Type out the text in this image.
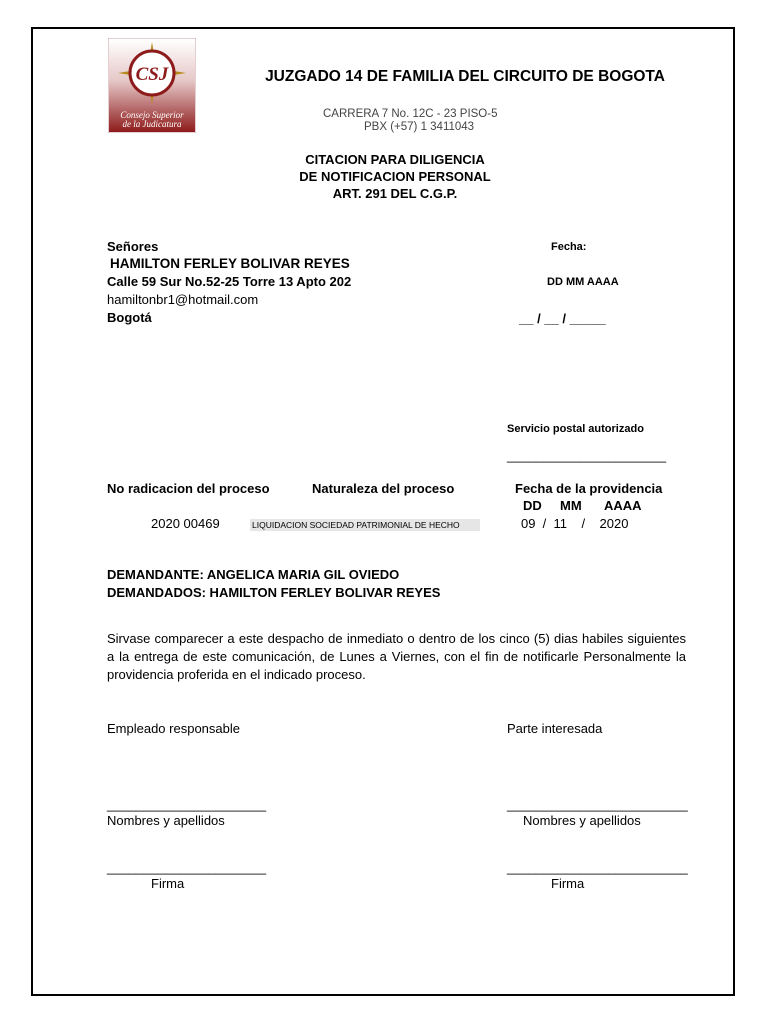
CSJ
Consejo Superior
de la Judicatura
JUZGADO 14 DE FAMILIA DEL CIRCUITO DE BOGOTA
CARRERA 7 No. 12C - 23 PISO-5
PBX (+57) 1 3411043
CITACION PARA DILIGENCIA
DE NOTIFICACION PERSONAL
ART. 291 DEL C.G.P.
Señores
HAMILTON FERLEY BOLIVAR REYES
Calle 59 Sur No.52-25 Torre 13 Apto 202
hamiltonbr1@hotmail.com
Bogotá
Fecha:
DD MM AAAA
__ / __ / _____
Servicio postal autorizado
______________________
No radicacion del proceso	Naturaleza del proceso	Fecha de la providencia
DD MM AAAA
2020 00469	LIQUIDACION SOCIEDAD PATRIMONIAL DE HECHO	09  /  11    /    2020
DEMANDANTE: ANGELICA MARIA GIL OVIEDO
DEMANDADOS: HAMILTON FERLEY BOLIVAR REYES
Sirvase comparecer a este despacho de inmediato o dentro de los cinco (5) dias habiles siguientes a la entrega de este comunicación, de Lunes a Viernes, con el fin de notificarle Personalmente la providencia proferida en el indicado proceso.
Empleado responsable	Parte interesada
______________________	_________________________
Nombres y apellidos	Nombres y apellidos
______________________	_________________________
Firma	Firma
